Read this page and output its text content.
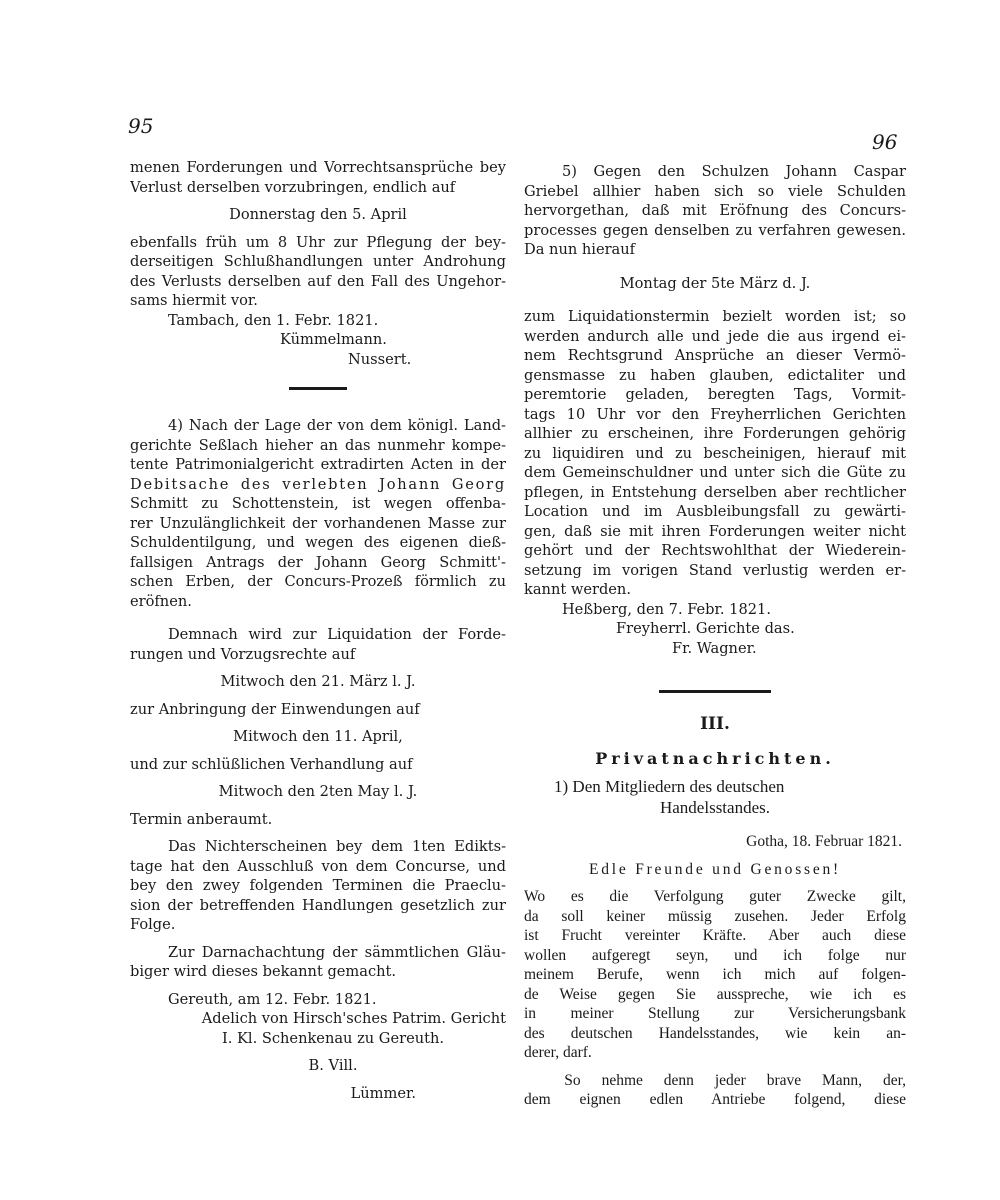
95
96
menen Forderungen und Vorrechtsansprüche bey
Verlust derselben vorzubringen, endlich auf
Donnerstag den 5. April
ebenfalls früh um 8 Uhr zur Pflegung der bey-
derseitigen Schlußhandlungen unter Androhung
des Verlusts derselben auf den Fall des Ungehor-
sams hiermit vor.
Tambach, den 1. Febr. 1821.
Kümmelmann.
Nussert.
4) Nach der Lage der von dem königl. Land-
gerichte Seßlach hieher an das nunmehr kompe-
tente Patrimonialgericht extradirten Acten in der
Debitsache des verlebten Johann Georg
Schmitt zu Schottenstein, ist wegen offenba-
rer Unzulänglichkeit der vorhandenen Masse zur
Schuldentilgung, und wegen des eigenen dieß-
fallsigen Antrags der Johann Georg Schmitt'-
schen Erben, der Concurs-Prozeß förmlich zu
eröfnen.
Demnach wird zur Liquidation der Forde-
rungen und Vorzugsrechte auf
Mitwoch den 21. März l. J.
zur Anbringung der Einwendungen auf
Mitwoch den 11. April,
und zur schlüßlichen Verhandlung auf
Mitwoch den 2ten May l. J.
Termin anberaumt.
Das Nichterscheinen bey dem 1ten Edikts-
tage hat den Ausschluß von dem Concurse, und
bey den zwey folgenden Terminen die Praeclu-
sion der betreffenden Handlungen gesetzlich zur
Folge.
Zur Darnachachtung der sämmtlichen Gläu-
biger wird dieses bekannt gemacht.
Gereuth, am 12. Febr. 1821.
Adelich von Hirsch'sches Patrim. Gericht
I. Kl. Schenkenau zu Gereuth.
B. Vill.
Lümmer.
5) Gegen den Schulzen Johann Caspar
Griebel allhier haben sich so viele Schulden
hervorgethan, daß mit Eröfnung des Concurs-
processes gegen denselben zu verfahren gewesen.
Da nun hierauf
Montag der 5te März d. J.
zum Liquidationstermin bezielt worden ist; so
werden andurch alle und jede die aus irgend ei-
nem Rechtsgrund Ansprüche an dieser Vermö-
gensmasse zu haben glauben, edictaliter und
peremtorie geladen, beregten Tags, Vormit-
tags 10 Uhr vor den Freyherrlichen Gerichten
allhier zu erscheinen, ihre Forderungen gehörig
zu liquidiren und zu bescheinigen, hierauf mit
dem Gemeinschuldner und unter sich die Güte zu
pflegen, in Entstehung derselben aber rechtlicher
Location und im Ausbleibungsfall zu gewärti-
gen, daß sie mit ihren Forderungen weiter nicht
gehört und der Rechtswohlthat der Wiederein-
setzung im vorigen Stand verlustig werden er-
kannt werden.
Heßberg, den 7. Febr. 1821.
Freyherrl. Gerichte das.
Fr. Wagner.
III.
Privatnachrichten.
1) Den Mitgliedern des deutschen
Handelsstandes.
Gotha, 18. Februar 1821.
Edle Freunde und Genossen!
Wo es die Verfolgung guter Zwecke gilt,
da soll keiner müssig zusehen. Jeder Erfolg
ist Frucht vereinter Kräfte. Aber auch diese
wollen aufgeregt seyn, und ich folge nur
meinem Berufe, wenn ich mich auf folgen-
de Weise gegen Sie ausspreche, wie ich es
in meiner Stellung zur Versicherungsbank
des deutschen Handelsstandes, wie kein an-
derer, darf.
So nehme denn jeder brave Mann, der,
dem eignen edlen Antriebe folgend, diese
